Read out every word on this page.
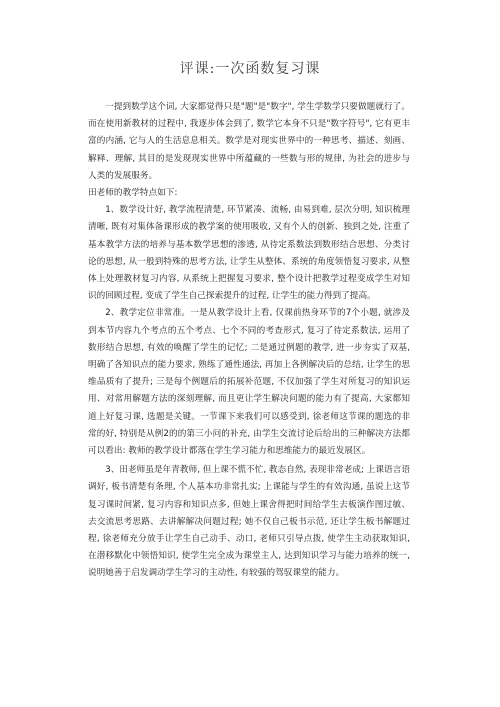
评课:一次函数复习课

一提到数学这个词, 大家都觉得只是"题"是"数字", 学生学数学只要做题就行了。而在使用新教材的过程中, 我逐步体会到了, 数学它本身不只是"数字符号", 它有更丰富的内涵, 它与人的生活息息相关。数学是对现实世界中的一种思考、描述、刻画、解释、理解, 其目的是发现现实世界中所蕴藏的一些数与形的规律, 为社会的进步与人类的发展服务。

田老师的教学特点如下:

1、数学设计好, 教学流程清楚, 环节紧凑、流畅, 由易到难, 层次分明, 知识梳理清晰, 既有对集体备课形成的教学案的使用吸收, 又有个人的创新、独到之处, 注重了基本教学方法的培养与基本数学思想的渗透, 从待定系数法到数形结合思想、分类讨论的思想, 从一般到特殊的思考方法, 让学生从整体、系统的角度领悟复习要求, 从整体上处理教材复习内容, 从系统上把握复习要求, 整个设计把教学过程变成学生对知识的回顾过程, 变成了学生自己探索提升的过程, 让学生的能力得到了提高。

2、教学定位非常准。一是从教学设计上看, 仅课前热身环节的7个小题, 就涉及到本节内容九个考点的五个考点、七个不同的考查形式, 复习了待定系数法, 运用了数形结合思想, 有效的唤醒了学生的记忆; 二是通过例题的教学, 进一步夯实了双基, 明确了各知识点的能力要求, 熟练了通性通法, 再加上各例解决后的总结, 让学生的思维品质有了提升; 三是每个例题后的拓展补范题, 不仅加强了学生对所复习的知识运用、对常用解题方法的深刻理解, 而且更让学生解决问题的能力有了提高, 大家都知道上好复习课, 选题是关键。一节课下来我们可以感受到, 徐老师这节课的题选的非常的好, 特别是从例2的的第三小问的补充, 由学生交流讨论后给出的三种解决方法都可以看出: 教师的教学设计都落在学生学习能力和思维能力的最近发展区。

3、田老师虽是年青教师, 但上课不慌不忙, 教态自然, 表现非常老成; 上课语言语调好, 板书清楚有条理, 个人基本功非常扎实; 上课能与学生的有效沟通, 虽说上这节复习课时间紧, 复习内容和知识点多, 但她上课舍得把时间给学生去板演作图过敏、去交流思考思路、去讲解解决问题过程; 她不仅自己板书示范, 还让学生板书解题过程, 徐老师充分放手让学生自己动手、动口, 老师只引导点拨, 使学生主动获取知识, 在潜移默化中领悟知识, 使学生完全成为课堂主人, 达到知识学习与能力培养的统一, 说明她善于启发调动学生学习的主动性, 有较强的驾驭课堂的能力。
